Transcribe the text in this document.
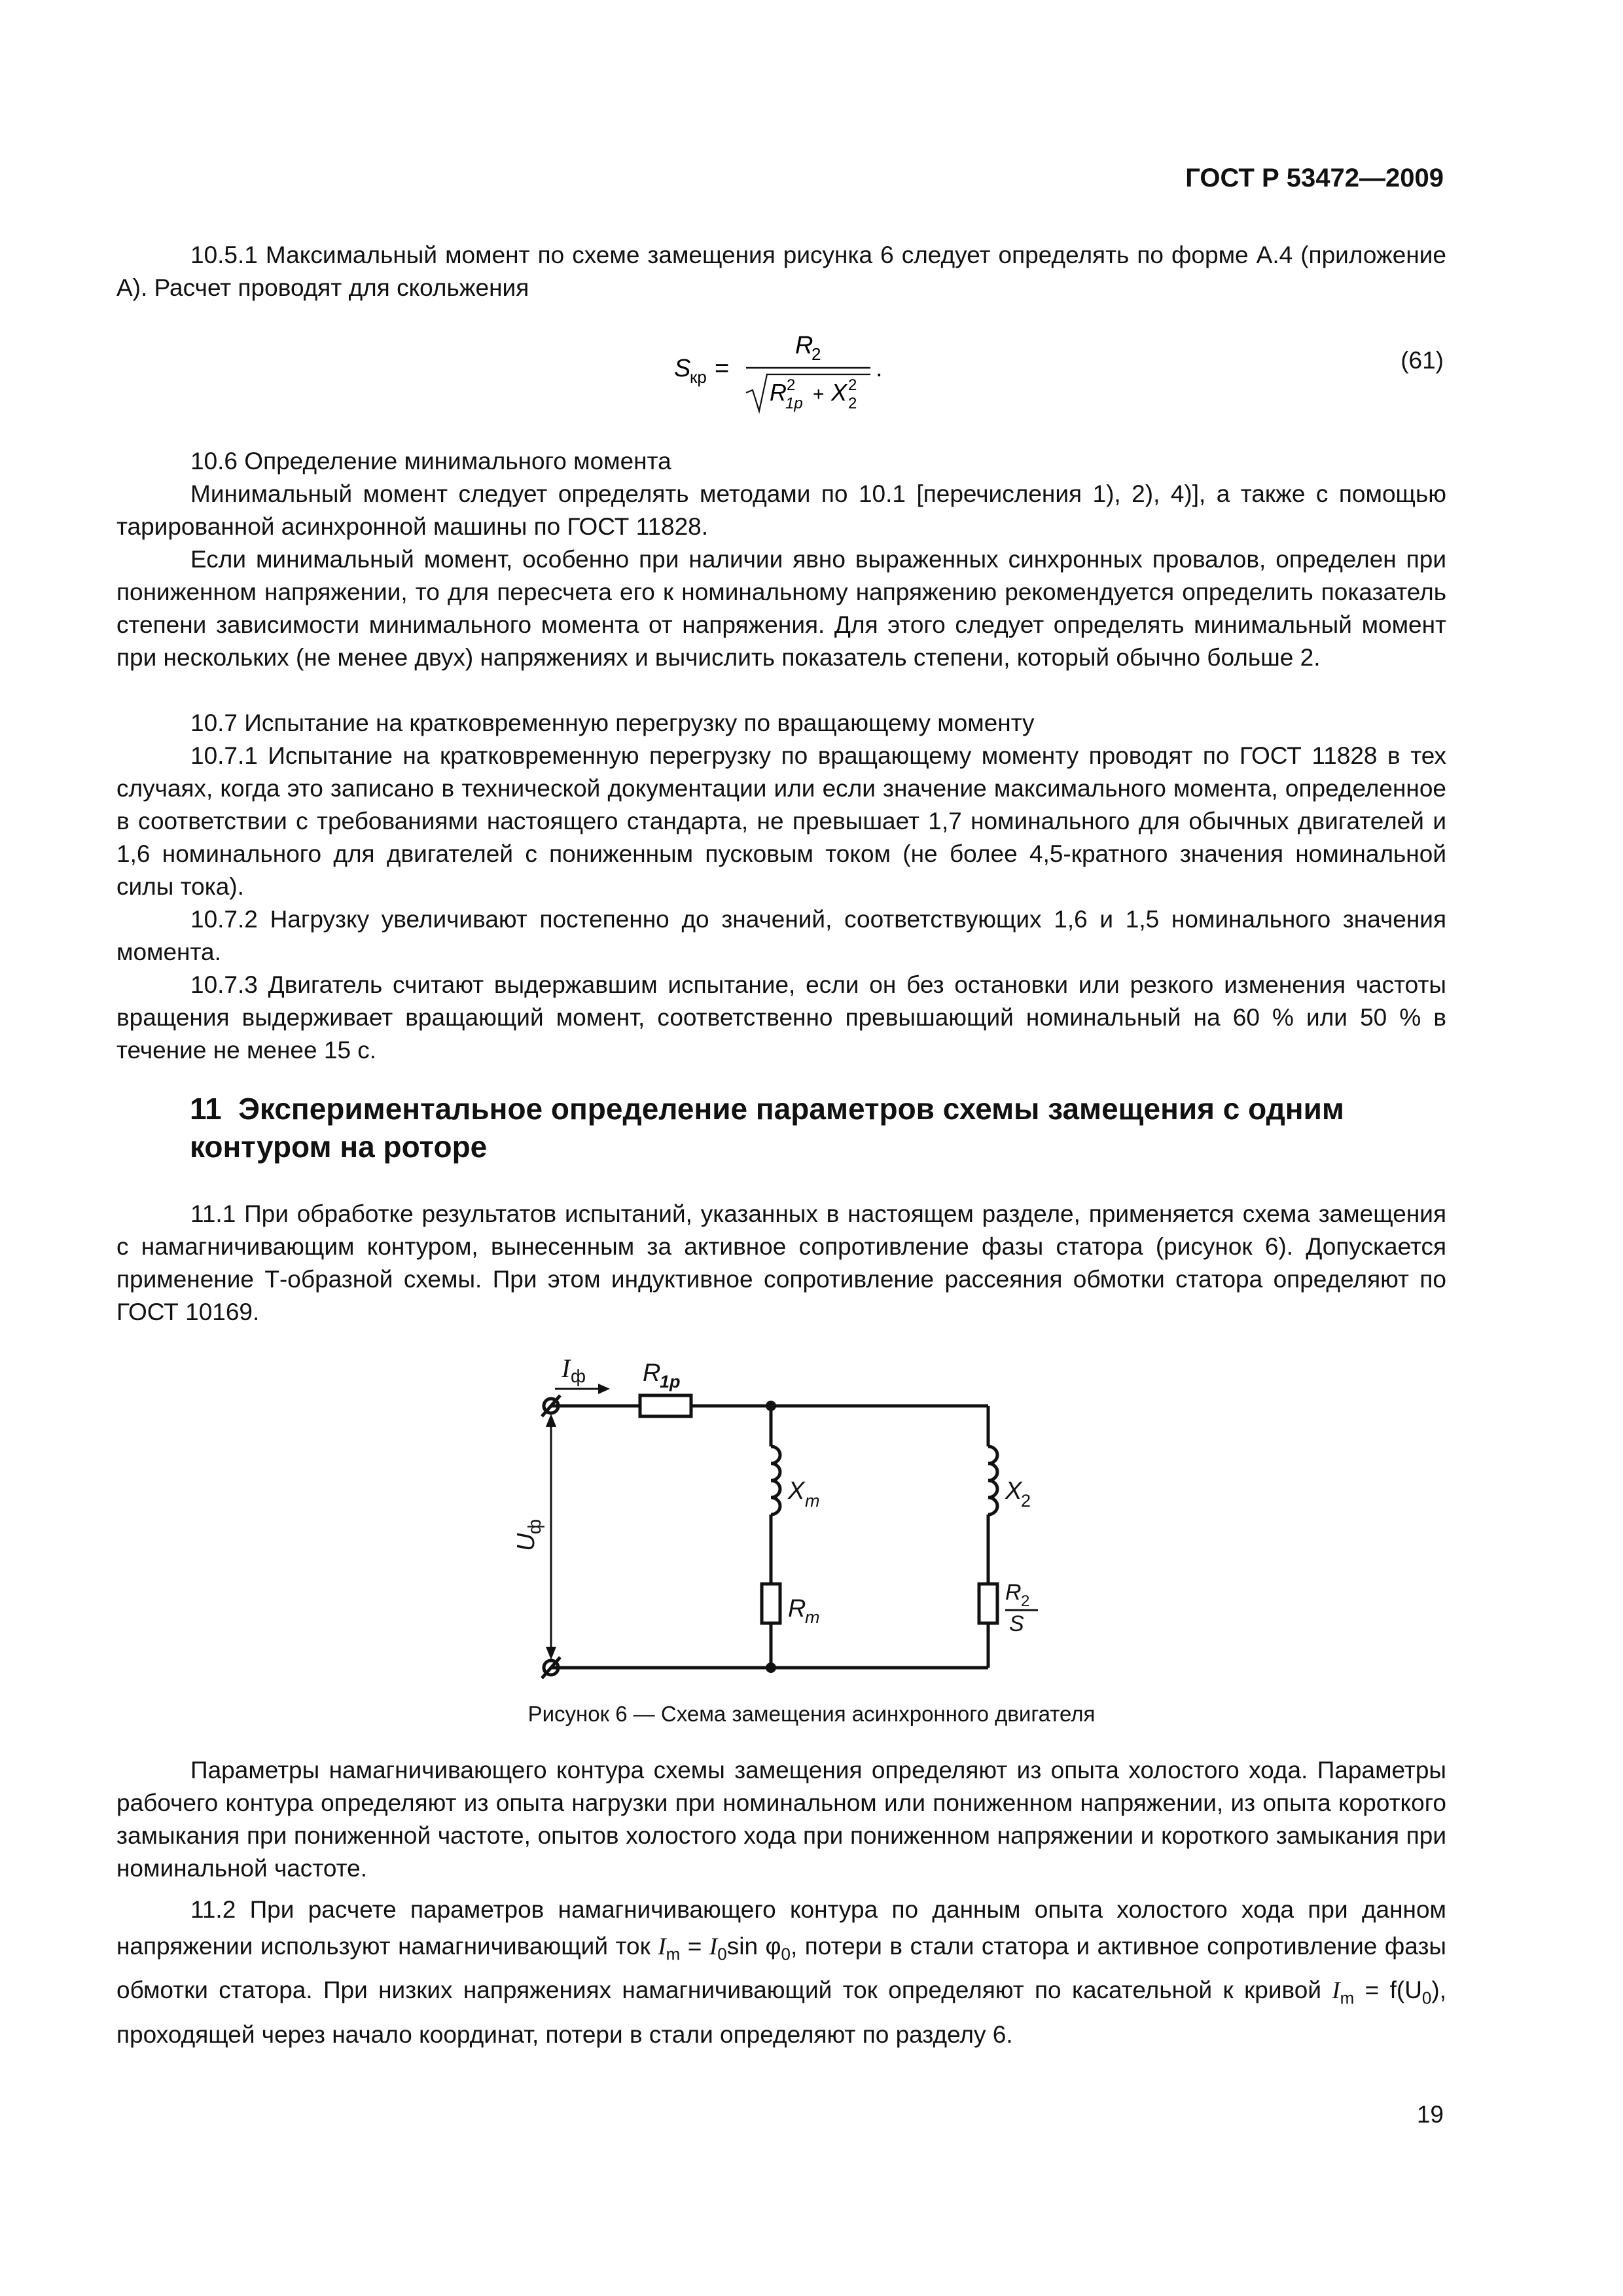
ГОСТ Р 53472—2009
10.5.1 Максимальный момент по схеме замещения рисунка 6 следует определять по форме А.4 (приложение А). Расчет проводят для скольжения
S
кр =
R
2
R 2
1p + X 2
2
.	(61)
10.6 Определение минимального момента
Минимальный момент следует определять методами по 10.1 [перечисления 1), 2), 4)], а также с помощью тарированной асинхронной машины по ГОСТ 11828.
Если минимальный момент, особенно при наличии явно выраженных синхронных провалов, определен при пониженном напряжении, то для пересчета его к номинальному напряжению рекомендуется определить показатель степени зависимости минимального момента от напряжения. Для этого следует определять минимальный момент при нескольких (не менее двух) напряжениях и вычислить показатель степени, который обычно больше 2.
10.7 Испытание на кратковременную перегрузку по вращающему моменту
10.7.1 Испытание на кратковременную перегрузку по вращающему моменту проводят по ГОСТ 11828 в тех случаях, когда это записано в технической документации или если значение максимального момента, определенное в соответствии с требованиями настоящего стандарта, не превышает 1,7 номинального для обычных двигателей и 1,6 номинального для двигателей с пониженным пусковым током (не более 4,5-кратного значения номинальной силы тока).
10.7.2 Нагрузку увеличивают постепенно до значений, соответствующих 1,6 и 1,5 номинального значения момента.
10.7.3 Двигатель считают выдержавшим испытание, если он без остановки или резкого изменения частоты вращения выдерживает вращающий момент, соответственно превышающий номинальный на 60 % или 50 % в течение не менее 15 с.
11 Экспериментальное определение параметров схемы замещения с одним контуром на роторе
11.1 При обработке результатов испытаний, указанных в настоящем разделе, применяется схема замещения с намагничивающим контуром, вынесенным за активное сопротивление фазы статора (рисунок 6). Допускается применение Т-образной схемы. При этом индуктивное сопротивление рассеяния обмотки статора определяют по ГОСТ 10169.
I ф R
1p
X m
R
m
X
2
R 2
S
U
ф
Рисунок 6 — Схема замещения асинхронного двигателя
Параметры намагничивающего контура схемы замещения определяют из опыта холостого хода. Параметры рабочего контура определяют из опыта нагрузки при номинальном или пониженном напряжении, из опыта короткого замыкания при пониженной частоте, опытов холостого хода при пониженном напряжении и короткого замыкания при номинальной частоте.
11.2 При расчете параметров намагничивающего контура по данным опыта холостого хода при данном напряжении используют намагничивающий ток $I_m = I_0\sin$ $\varphi_0$, потери в стали статора и активное сопротивление фазы обмотки статора. При низких напряжениях намагничивающий ток определяют по касательной к кривой $I_m = f(U_0)$, проходящей через начало координат, потери в стали определяют по разделу 6.
19
